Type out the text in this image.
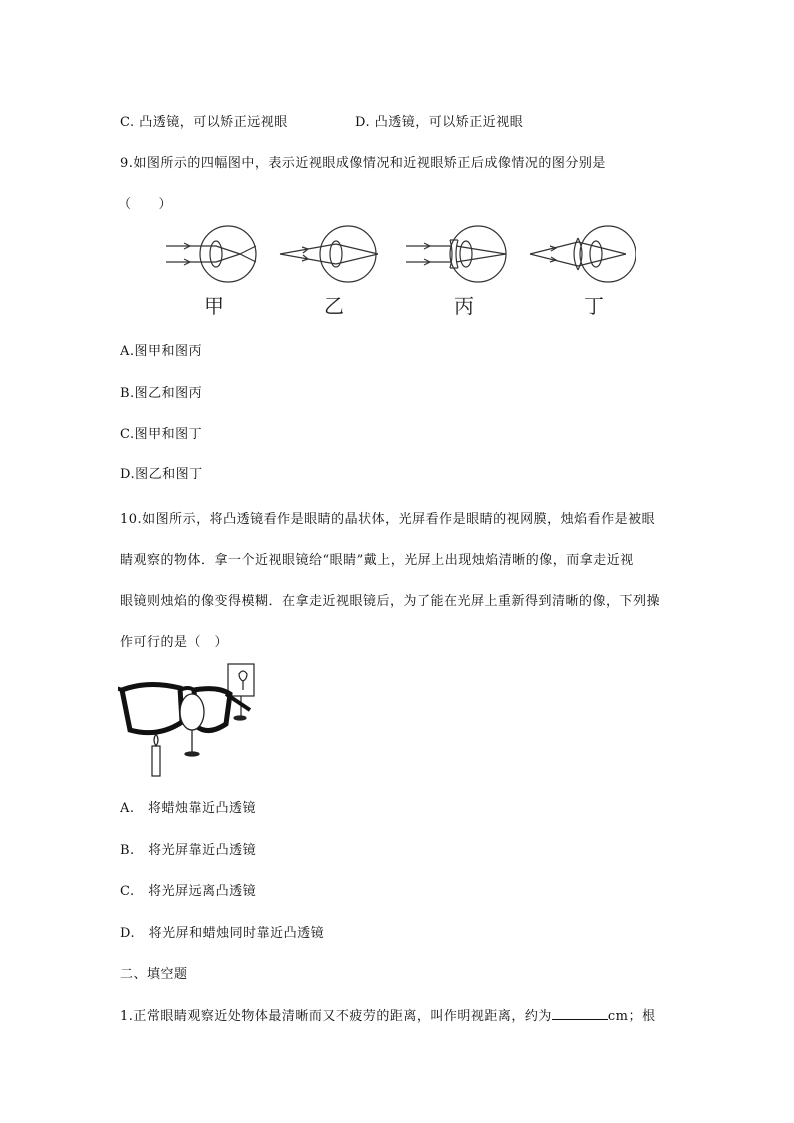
C. 凸透镜，可以矫正远视眼	D. 凸透镜，可以矫正近视眼
9.如图所示的四幅图中，表示近视眼成像情况和近视眼矫正后成像情况的图分别是
（　　）
甲	乙	丙	丁
A.图甲和图丙
B.图乙和图丙
C.图甲和图丁
D.图乙和图丁
10.如图所示，将凸透镜看作是眼睛的晶状体，光屏看作是眼睛的视网膜，烛焰看作是被眼
睛观察的物体．拿一个近视眼镜给“眼睛”戴上，光屏上出现烛焰清晰的像，而拿走近视
眼镜则烛焰的像变得模糊．在拿走近视眼镜后，为了能在光屏上重新得到清晰的像，下列操
作可行的是（　）
A.　将蜡烛靠近凸透镜
B.　将光屏靠近凸透镜
C.　将光屏远离凸透镜
D.　将光屏和蜡烛同时靠近凸透镜
二、填空题
1.正常眼睛观察近处物体最清晰而又不疲劳的距离，叫作明视距离，约为	cm；根
